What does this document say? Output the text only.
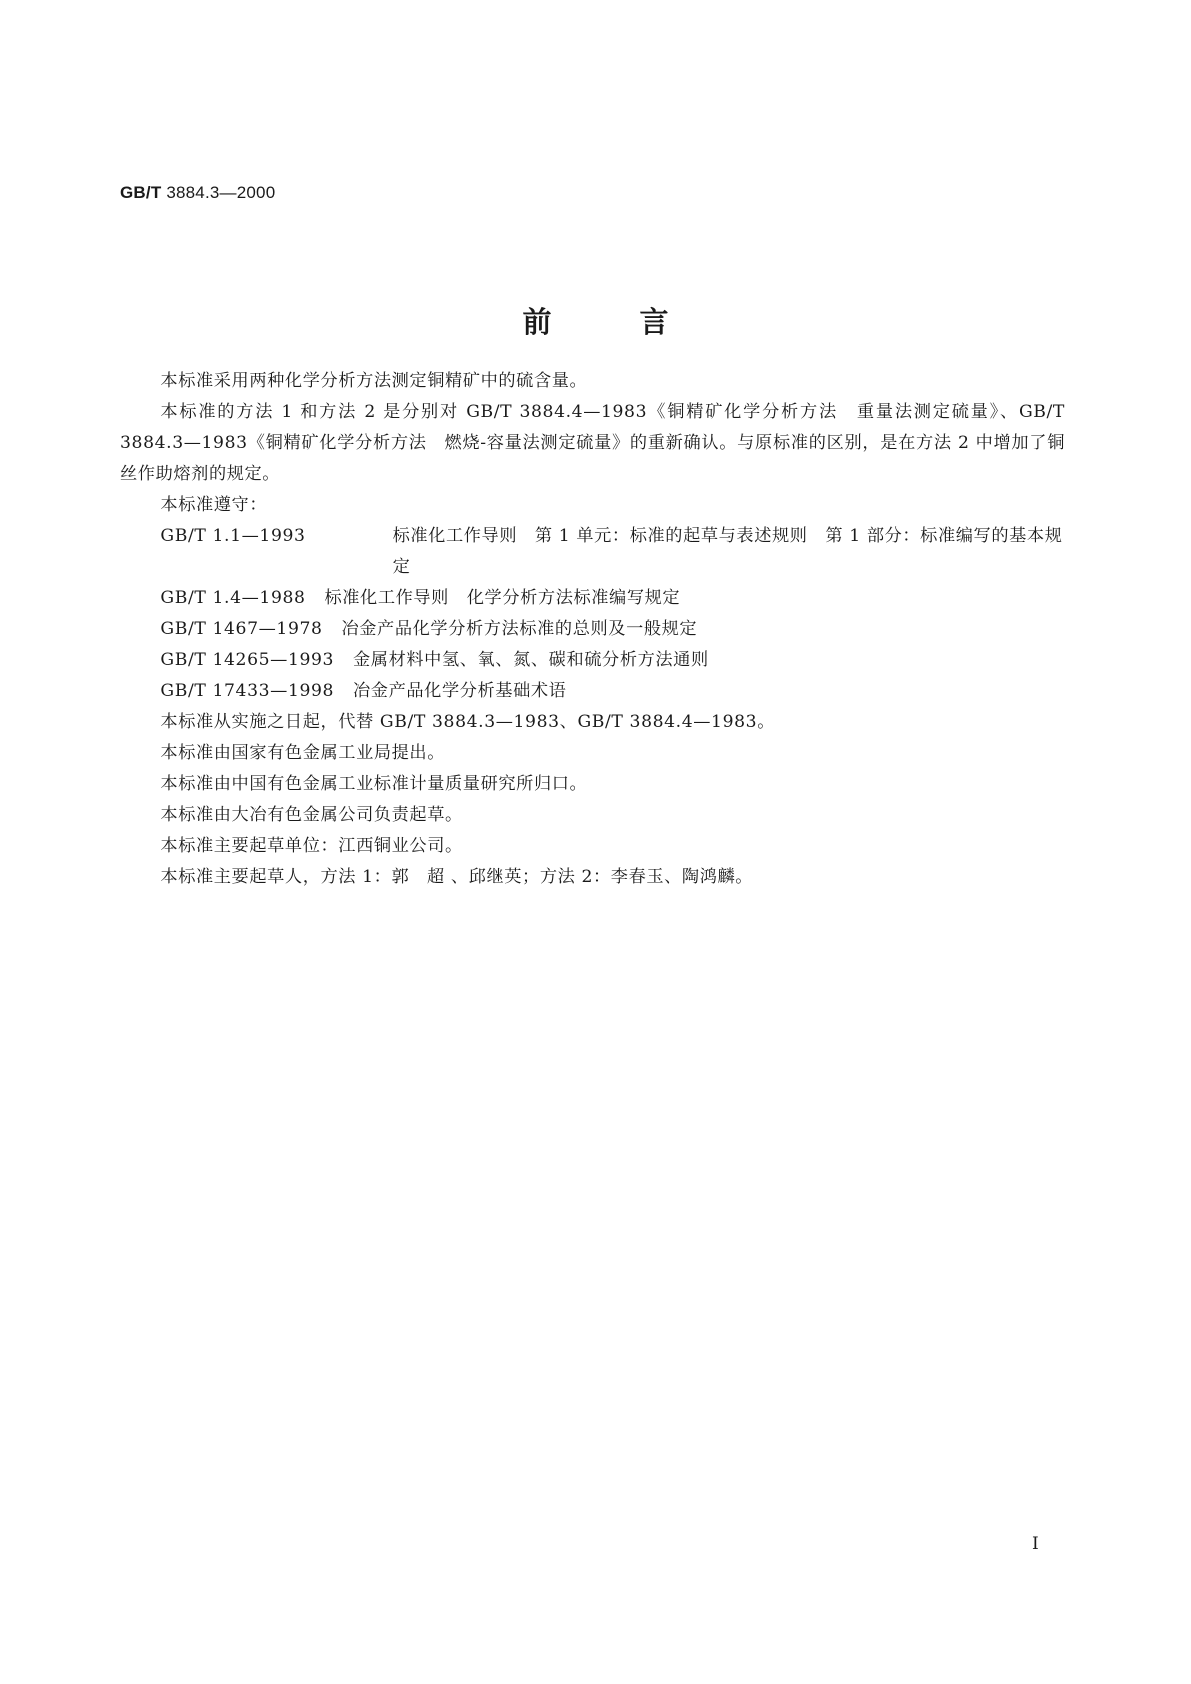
GB/T 3884.3—2000
前言

本标准采用两种化学分析方法测定铜精矿中的硫含量。

本标准的方法 1 和方法 2 是分别对 GB/T 3884.4—1983《铜精矿化学分析方法　重量法测定硫量》、GB/T 3884.3—1983《铜精矿化学分析方法　燃烧-容量法测定硫量》的重新确认。与原标准的区别，是在方法 2 中增加了铜丝作助熔剂的规定。

本标准遵守：

GB/T 1.1—1993	标准化工作导则　第 1 单元：标准的起草与表述规则　第 1 部分：标准编写的基本规定
GB/T 1.4—1988	标准化工作导则　化学分析方法标准编写规定
GB/T 1467—1978	冶金产品化学分析方法标准的总则及一般规定
GB/T 14265—1993	金属材料中氢、氧、氮、碳和硫分析方法通则
GB/T 17433—1998	冶金产品化学分析基础术语

本标准从实施之日起，代替 GB/T 3884.3—1983、GB/T 3884.4—1983。

本标准由国家有色金属工业局提出。

本标准由中国有色金属工业标准计量质量研究所归口。

本标准由大冶有色金属公司负责起草。

本标准主要起草单位：江西铜业公司。

本标准主要起草人，方法 1：郭　超 、邱继英；方法 2：李春玉、陶鸿麟。

I
